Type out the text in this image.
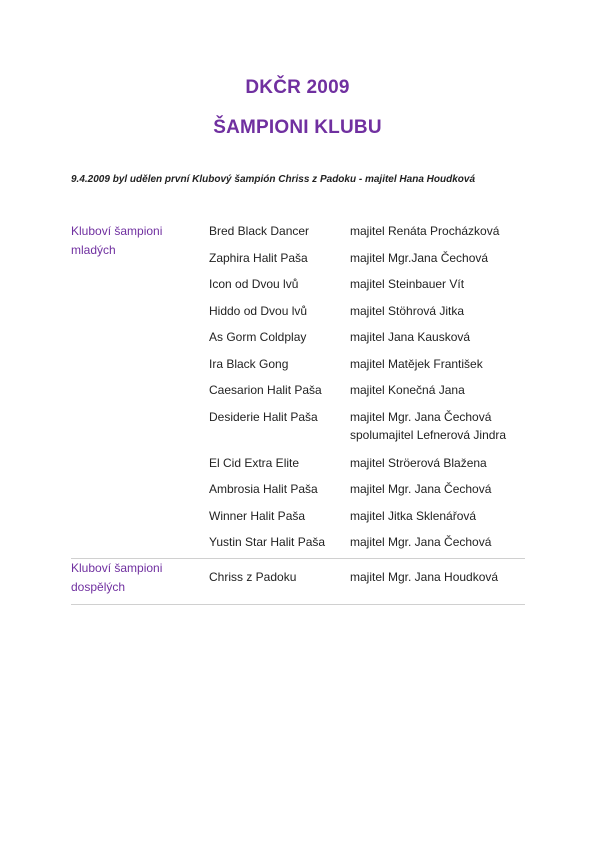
DKČR 2009
ŠAMPIONI KLUBU
9.4.2009 byl udělen první Klubový šampión Chriss z Padoku - majitel Hana Houdková
Kluboví šampioni mladých
Bred Black Dancer	majitel Renáta Procházková
Zaphira Halit Paša	majitel Mgr.Jana Čechová
Icon od Dvou lvů	majitel Steinbauer Vít
Hiddo od Dvou lvů	majitel Stöhrová Jitka
As Gorm Coldplay	majitel Jana Kausková
Ira Black Gong	majitel Matějek František
Caesarion Halit Paša majitel Konečná Jana
Desiderie Halit Paša	majitel Mgr. Jana Čechová
spolumajitel Lefnerová Jindra
El Cid Extra Elite	majitel Ströerová Blažena
Ambrosia Halit Paša	majitel Mgr. Jana Čechová
Winner Halit Paša	majitel Jitka Sklenářová
Yustin Star Halit Paša majitel Mgr. Jana Čechová
Kluboví šampioni dospělých
Chriss z Padoku	majitel Mgr. Jana Houdková
